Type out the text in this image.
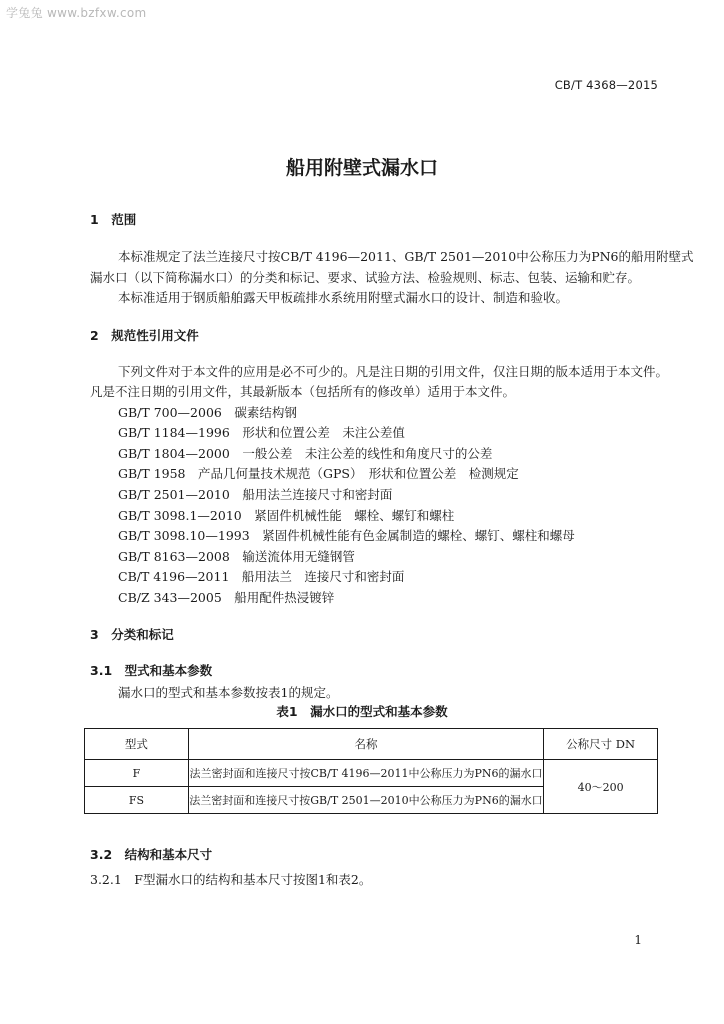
学兔兔 www.bzfxw.com
CB/T 4368—2015
船用附壁式漏水口
1　范围
本标准规定了法兰连接尺寸按CB/T 4196—2011、GB/T 2501—2010中公称压力为PN6的船用附壁式
漏水口（以下简称漏水口）的分类和标记、要求、试验方法、检验规则、标志、包装、运输和贮存。
本标准适用于钢质船舶露天甲板疏排水系统用附壁式漏水口的设计、制造和验收。
2　规范性引用文件
下列文件对于本文件的应用是必不可少的。凡是注日期的引用文件，仅注日期的版本适用于本文件。
凡是不注日期的引用文件，其最新版本（包括所有的修改单）适用于本文件。
GB/T 700—2006　碳素结构钢
GB/T 1184—1996　形状和位置公差　未注公差值
GB/T 1804—2000　一般公差　未注公差的线性和角度尺寸的公差
GB/T 1958　产品几何量技术规范（GPS）　形状和位置公差　检测规定
GB/T 2501—2010　船用法兰连接尺寸和密封面
GB/T 3098.1—2010　紧固件机械性能　螺栓、螺钉和螺柱
GB/T 3098.10—1993　紧固件机械性能有色金属制造的螺栓、螺钉、螺柱和螺母
GB/T 8163—2008　输送流体用无缝钢管
CB/T 4196—2011　船用法兰　连接尺寸和密封面
CB/Z 343—2005　船用配件热浸镀锌
3　分类和标记
3.1　型式和基本参数
漏水口的型式和基本参数按表1的规定。
表1　漏水口的型式和基本参数
型式	名称	公称尺寸 DN
F	法兰密封面和连接尺寸按CB/T 4196—2011中公称压力为PN6的漏水口	40～200
FS	法兰密封面和连接尺寸按GB/T 2501—2010中公称压力为PN6的漏水口	
3.2　结构和基本尺寸
3.2.1　F型漏水口的结构和基本尺寸按图1和表2。
1
